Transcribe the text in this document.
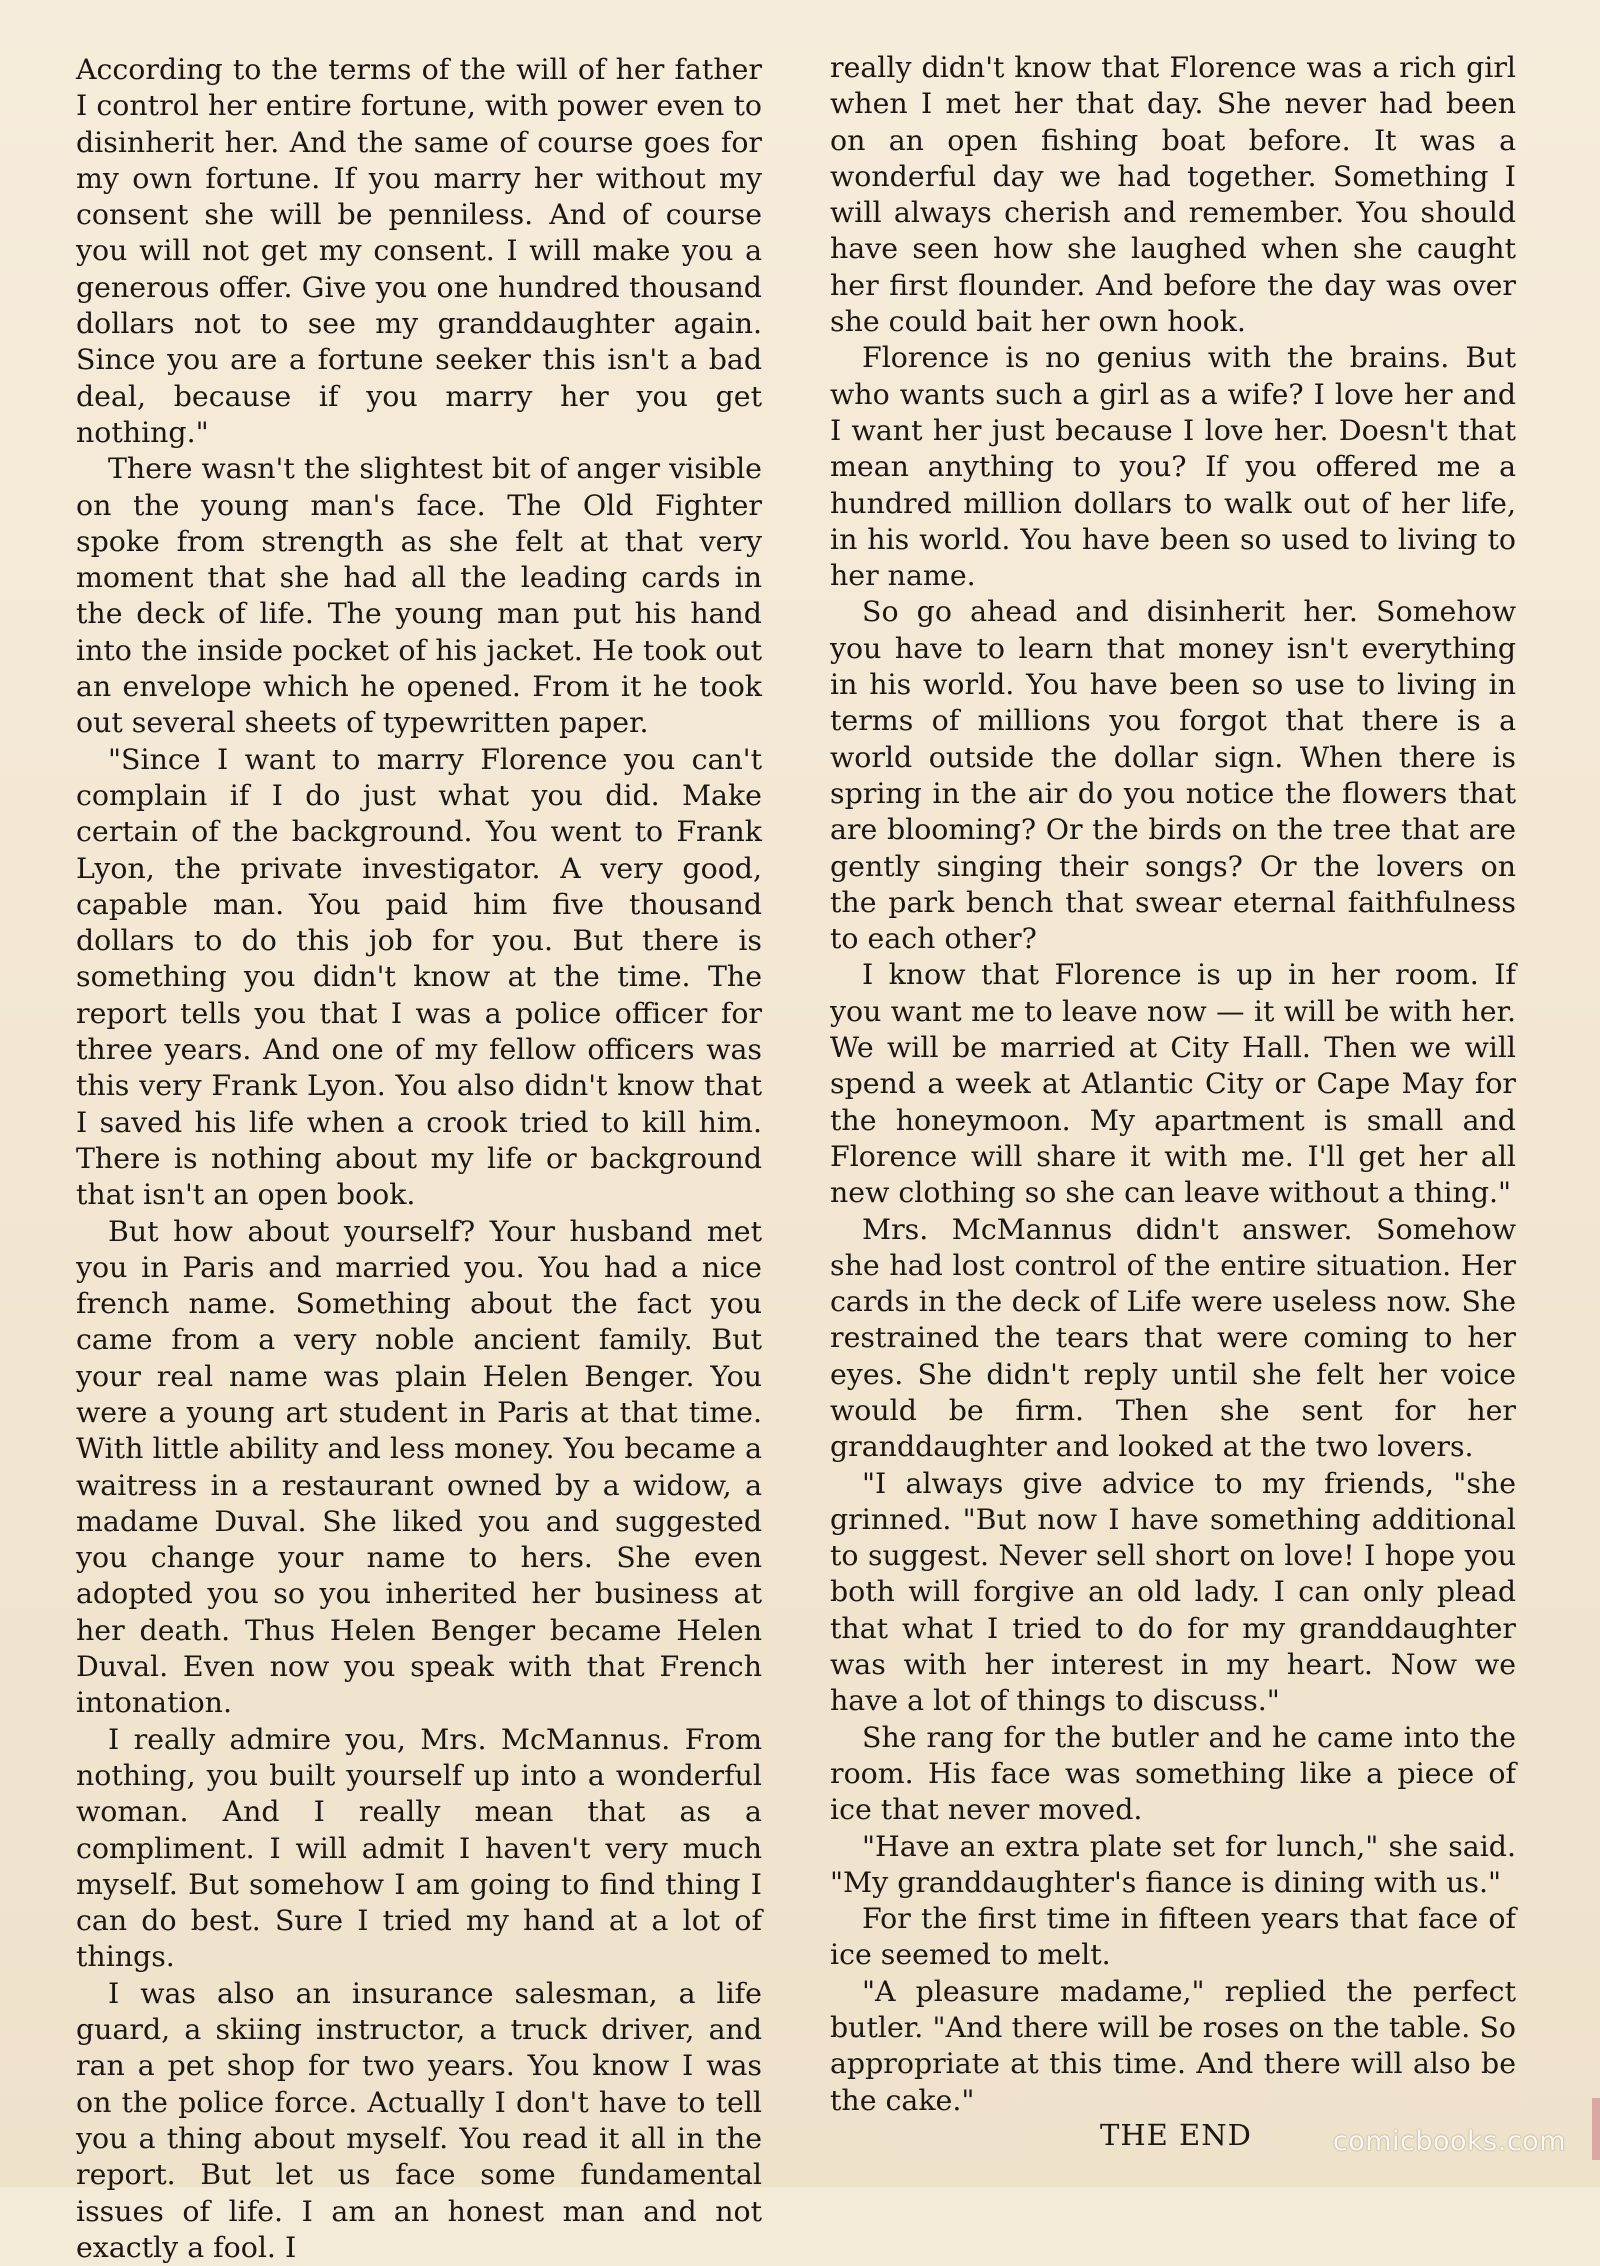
According to the terms of the will of her father I control her entire fortune, with power even to disinherit her. And the same of course goes for my own fortune. If you marry her without my consent she will be penniless. And of course you will not get my consent. I will make you a generous offer. Give you one hundred thousand dollars not to see my granddaughter again. Since you are a fortune seeker this isn't a bad deal, because if you marry her you get nothing."

There wasn't the slightest bit of anger visible on the young man's face. The Old Fighter spoke from strength as she felt at that very moment that she had all the leading cards in the deck of life. The young man put his hand into the inside pocket of his jacket. He took out an envelope which he opened. From it he took out several sheets of typewritten paper.

"Since I want to marry Florence you can't complain if I do just what you did. Make certain of the background. You went to Frank Lyon, the private investigator. A very good, capable man. You paid him five thousand dollars to do this job for you. But there is something you didn't know at the time. The report tells you that I was a police officer for three years. And one of my fellow officers was this very Frank Lyon. You also didn't know that I saved his life when a crook tried to kill him. There is nothing about my life or background that isn't an open book.

But how about yourself? Your husband met you in Paris and married you. You had a nice french name. Something about the fact you came from a very noble ancient family. But your real name was plain Helen Benger. You were a young art student in Paris at that time. With little ability and less money. You became a waitress in a restaurant owned by a widow, a madame Duval. She liked you and suggested you change your name to hers. She even adopted you so you inherited her business at her death. Thus Helen Benger became Helen Duval. Even now you speak with that French intonation.

I really admire you, Mrs. McMannus. From nothing, you built yourself up into a wonderful woman. And I really mean that as a compliment. I will admit I haven't very much myself. But somehow I am going to find thing I can do best. Sure I tried my hand at a lot of things.

I was also an insurance salesman, a life guard, a skiing instructor, a truck driver, and ran a pet shop for two years. You know I was on the police force. Actually I don't have to tell you a thing about myself. You read it all in the report. But let us face some fundamental issues of life. I am an honest man and not exactly a fool. I

really didn't know that Florence was a rich girl when I met her that day. She never had been on an open fishing boat before. It was a wonderful day we had together. Something I will always cherish and remember. You should have seen how she laughed when she caught her first flounder. And before the day was over she could bait her own hook.

Florence is no genius with the brains. But who wants such a girl as a wife? I love her and I want her just because I love her. Doesn't that mean anything to you? If you offered me a hundred million dollars to walk out of her life, in his world. You have been so used to living to her name.

So go ahead and disinherit her. Somehow you have to learn that money isn't everything in his world. You have been so use to living in terms of millions you forgot that there is a world outside the dollar sign. When there is spring in the air do you notice the flowers that are blooming? Or the birds on the tree that are gently singing their songs? Or the lovers on the park bench that swear eternal faithfulness to each other?

I know that Florence is up in her room. If you want me to leave now — it will be with her. We will be married at City Hall. Then we will spend a week at Atlantic City or Cape May for the honeymoon. My apartment is small and Florence will share it with me. I'll get her all new clothing so she can leave without a thing."

Mrs. McMannus didn't answer. Somehow she had lost control of the entire situation. Her cards in the deck of Life were useless now. She restrained the tears that were coming to her eyes. She didn't reply until she felt her voice would be firm. Then she sent for her granddaughter and looked at the two lovers.

"I always give advice to my friends, "she grinned. "But now I have something additional to suggest. Never sell short on love! I hope you both will forgive an old lady. I can only plead that what I tried to do for my granddaughter was with her interest in my heart. Now we have a lot of things to discuss."

She rang for the butler and he came into the room. His face was something like a piece of ice that never moved.

"Have an extra plate set for lunch," she said. "My granddaughter's fiance is dining with us."

For the first time in fifteen years that face of ice seemed to melt.

"A pleasure madame," replied the perfect butler. "And there will be roses on the table. So appropriate at this time. And there will also be the cake."

THE END	comicbooks.com
